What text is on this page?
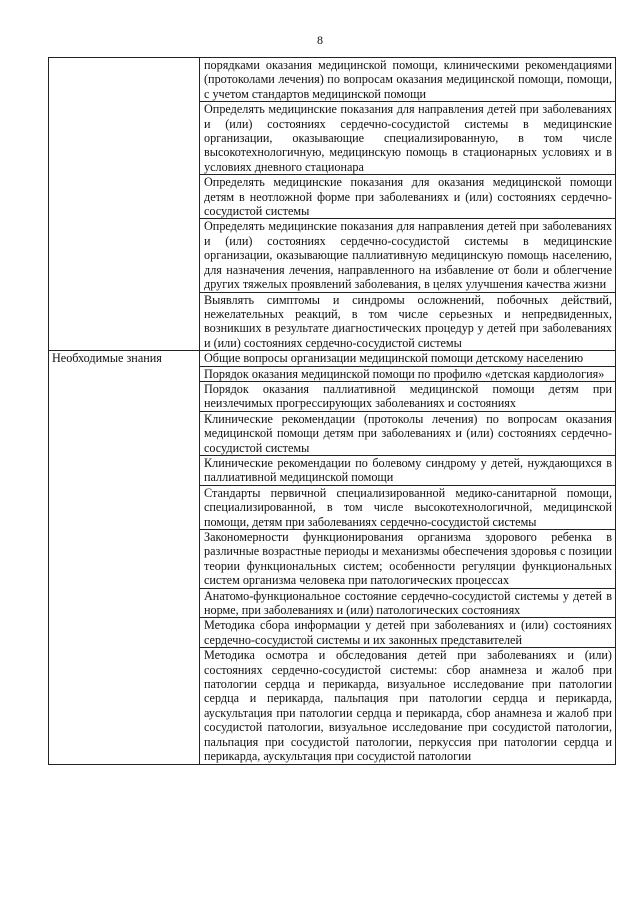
8

	порядками оказания медицинской помощи, клиническими рекомендациями (протоколами лечения) по вопросам оказания медицинской помощи, помощи, с учетом стандартов медицинской помощи

	Определять медицинские показания для направления детей при заболеваниях и (или) состояниях сердечно-сосудистой системы в медицинские организации, оказывающие специализированную, в том числе высокотехнологичную, медицинскую помощь в стационарных условиях и в условиях дневного стационара

	Определять медицинские показания для оказания медицинской помощи детям в неотложной форме при заболеваниях и (или) состояниях сердечно-сосудистой системы

	Определять медицинские показания для направления детей при заболеваниях и (или) состояниях сердечно-сосудистой системы в медицинские организации, оказывающие паллиативную медицинскую помощь населению, для назначения лечения, направленного на избавление от боли и облегчение других тяжелых проявлений заболевания, в целях улучшения качества жизни

	Выявлять симптомы и синдромы осложнений, побочных действий, нежелательных реакций, в том числе серьезных и непредвиденных, возникших в результате диагностических процедур у детей при заболеваниях и (или) состояниях сердечно-сосудистой системы

Необходимые знания	Общие вопросы организации медицинской помощи детскому населению

	Порядок оказания медицинской помощи по профилю «детская кардиология»

	Порядок оказания паллиативной медицинской помощи детям при неизлечимых прогрессирующих заболеваниях и состояниях

	Клинические рекомендации (протоколы лечения) по вопросам оказания медицинской помощи детям при заболеваниях и (или) состояниях сердечно-сосудистой системы

	Клинические рекомендации по болевому синдрому у детей, нуждающихся в паллиативной медицинской помощи

	Стандарты первичной специализированной медико-санитарной помощи, специализированной, в том числе высокотехнологичной, медицинской помощи, детям при заболеваниях сердечно-сосудистой системы

	Закономерности функционирования организма здорового ребенка в различные возрастные периоды и механизмы обеспечения здоровья с позиции теории функциональных систем; особенности регуляции функциональных систем организма человека при патологических процессах

	Анатомо-функциональное состояние сердечно-сосудистой системы у детей в норме, при заболеваниях и (или) патологических состояниях

	Методика сбора информации у детей при заболеваниях и (или) состояниях сердечно-сосудистой системы и их законных представителей

	Методика осмотра и обследования детей при заболеваниях и (или) состояниях сердечно-сосудистой системы: сбор анамнеза и жалоб при патологии сердца и перикарда, визуальное исследование при патологии сердца и перикарда, пальпация при патологии сердца и перикарда, аускультация при патологии сердца и перикарда, сбор анамнеза и жалоб при сосудистой патологии, визуальное исследование при сосудистой патологии, пальпация при сосудистой патологии, перкуссия при патологии сердца и перикарда, аускультация при сосудистой патологии
